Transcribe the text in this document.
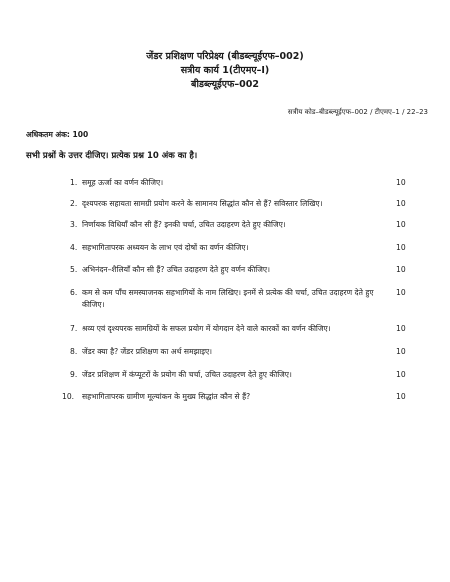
जेंडर प्रशिक्षण परिप्रेक्ष्य (बीडब्ल्यूईएफ–002)
सत्रीय कार्य 1(टीएमए–I)
बीडब्ल्यूईएफ–002
सत्रीय कोड–बीडब्ल्यूईएफ–002 / टीएमए–1 / 22–23
अधिकतम अंक: 100
सभी प्रश्नों के उत्तर दीजिए। प्रत्येक प्रश्न 10 अंक का है।
1. समूह ऊर्जा का वर्णन कीजिए।	10
2. दृश्यपरक सहायता सामग्री प्रयोग करने के सामानय सिद्धांत कौन से हैं? सविस्तार लिखिए।	10
3. निर्णायक विधियाँ कौन सी हैं? इनकी चर्चा, उचित उदाहरण देते हुए कीजिए।	10
4. सहभागितापरक अध्ययन के लाभ एवं दोषों का वर्णन कीजिए।	10
5. अभिनंदन–शैलियाँ कौन सी हैं? उचित उदाहरण देते हुए वर्णन कीजिए।	10
6. कम से कम पाँच समस्याजनक सहभागियों के नाम लिखिए। इनमें से प्रत्येक की चर्चा, उचित उदाहरण देते हुए कीजिए।
10
7. श्रव्य एवं दृश्यपरक सामग्रियों के सफल प्रयोग में योगदान देने वाले कारकों का वर्णन कीजिए।	10
8. जेंडर क्या है? जेंडर प्रशिक्षण का अर्थ समझाइए।	10
9. जेंडर प्रशिक्षण में कंप्यूटरों के प्रयोग की चर्चा, उचित उदाहरण देते हुए कीजिए।	10
10. सहभागितापरक ग्रामीण मूल्यांकन के मुख्य सिद्धांत कौन से हैं?	10
